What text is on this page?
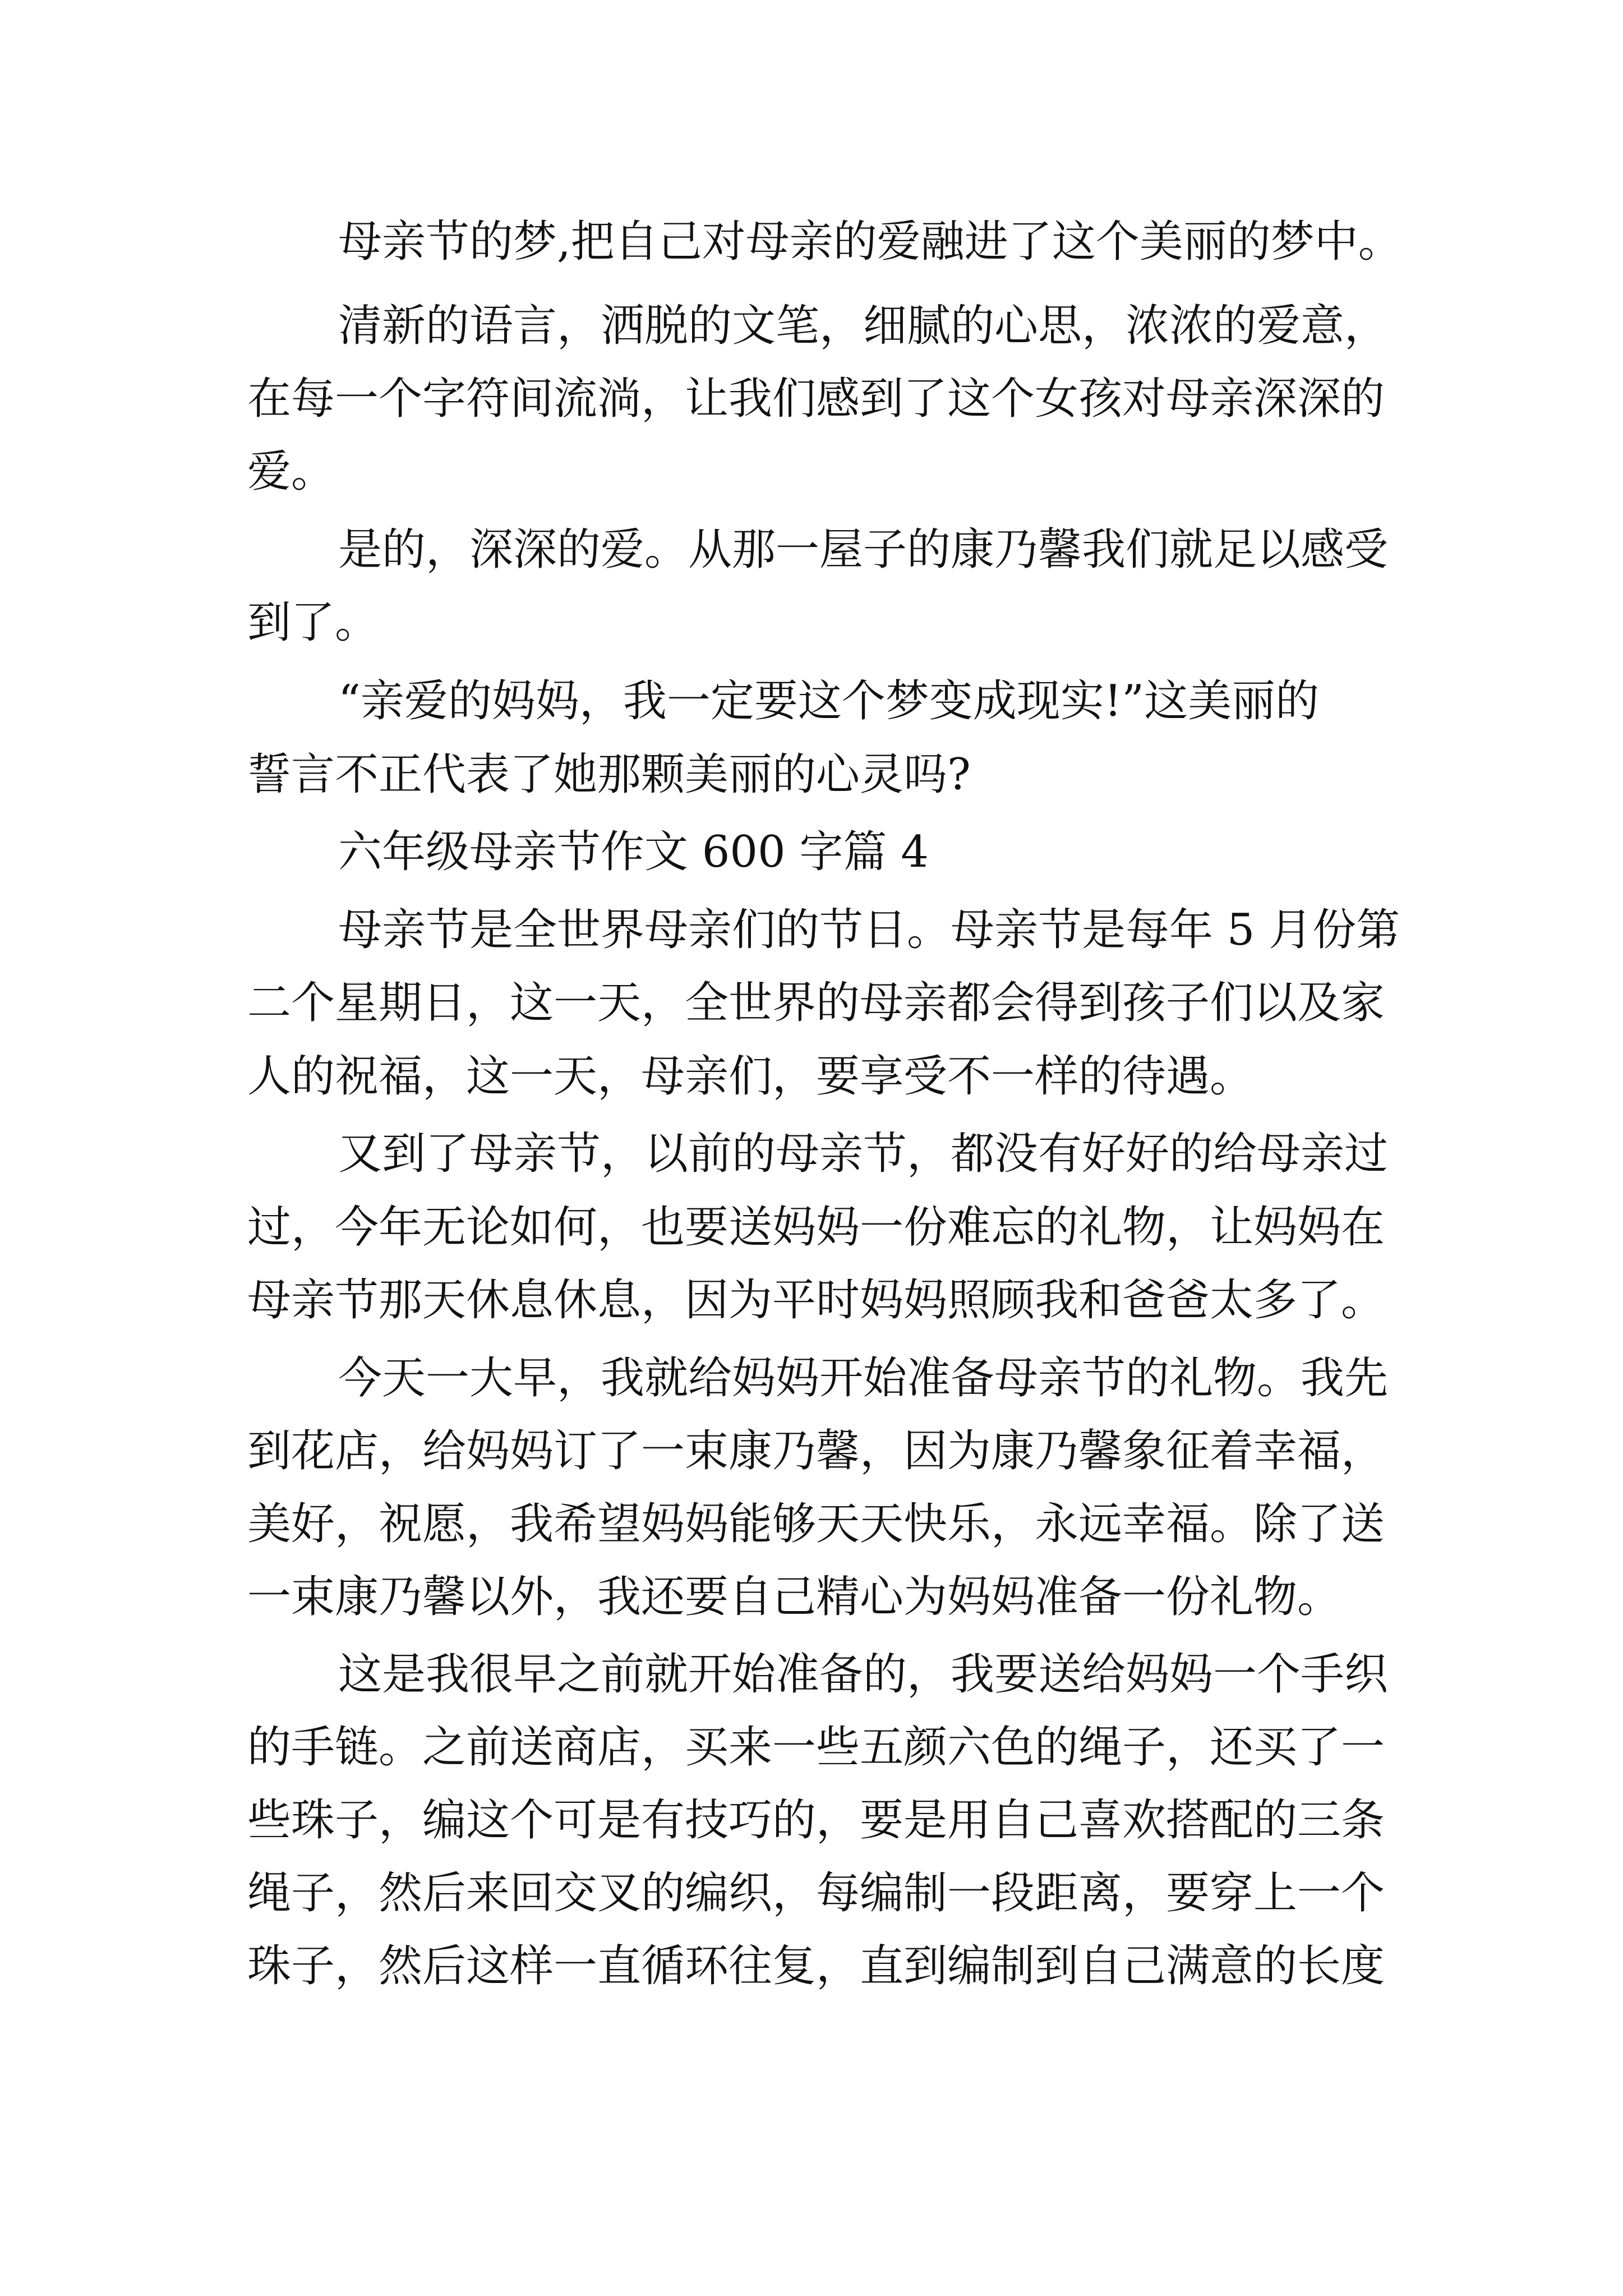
母亲节的梦,把自己对母亲的爱融进了这个美丽的梦中。
清新的语言，洒脱的文笔，细腻的心思，浓浓的爱意，
在每一个字符间流淌，让我们感到了这个女孩对母亲深深的
爱。
是的，深深的爱。从那一屋子的康乃馨我们就足以感受
到了。
“亲爱的妈妈，我一定要这个梦变成现实!”这美丽的
誓言不正代表了她那颗美丽的心灵吗?
六年级母亲节作文 600 字篇 4
母亲节是全世界母亲们的节日。母亲节是每年 5 月份第
二个星期日，这一天，全世界的母亲都会得到孩子们以及家
人的祝福，这一天，母亲们，要享受不一样的待遇。
又到了母亲节，以前的母亲节，都没有好好的给母亲过
过，今年无论如何，也要送妈妈一份难忘的礼物，让妈妈在
母亲节那天休息休息，因为平时妈妈照顾我和爸爸太多了。
今天一大早，我就给妈妈开始准备母亲节的礼物。我先
到花店，给妈妈订了一束康乃馨，因为康乃馨象征着幸福，
美好，祝愿，我希望妈妈能够天天快乐，永远幸福。除了送
一束康乃馨以外，我还要自己精心为妈妈准备一份礼物。
这是我很早之前就开始准备的，我要送给妈妈一个手织
的手链。之前送商店，买来一些五颜六色的绳子，还买了一
些珠子，编这个可是有技巧的，要是用自己喜欢搭配的三条
绳子，然后来回交叉的编织，每编制一段距离，要穿上一个
珠子，然后这样一直循环往复，直到编制到自己满意的长度
